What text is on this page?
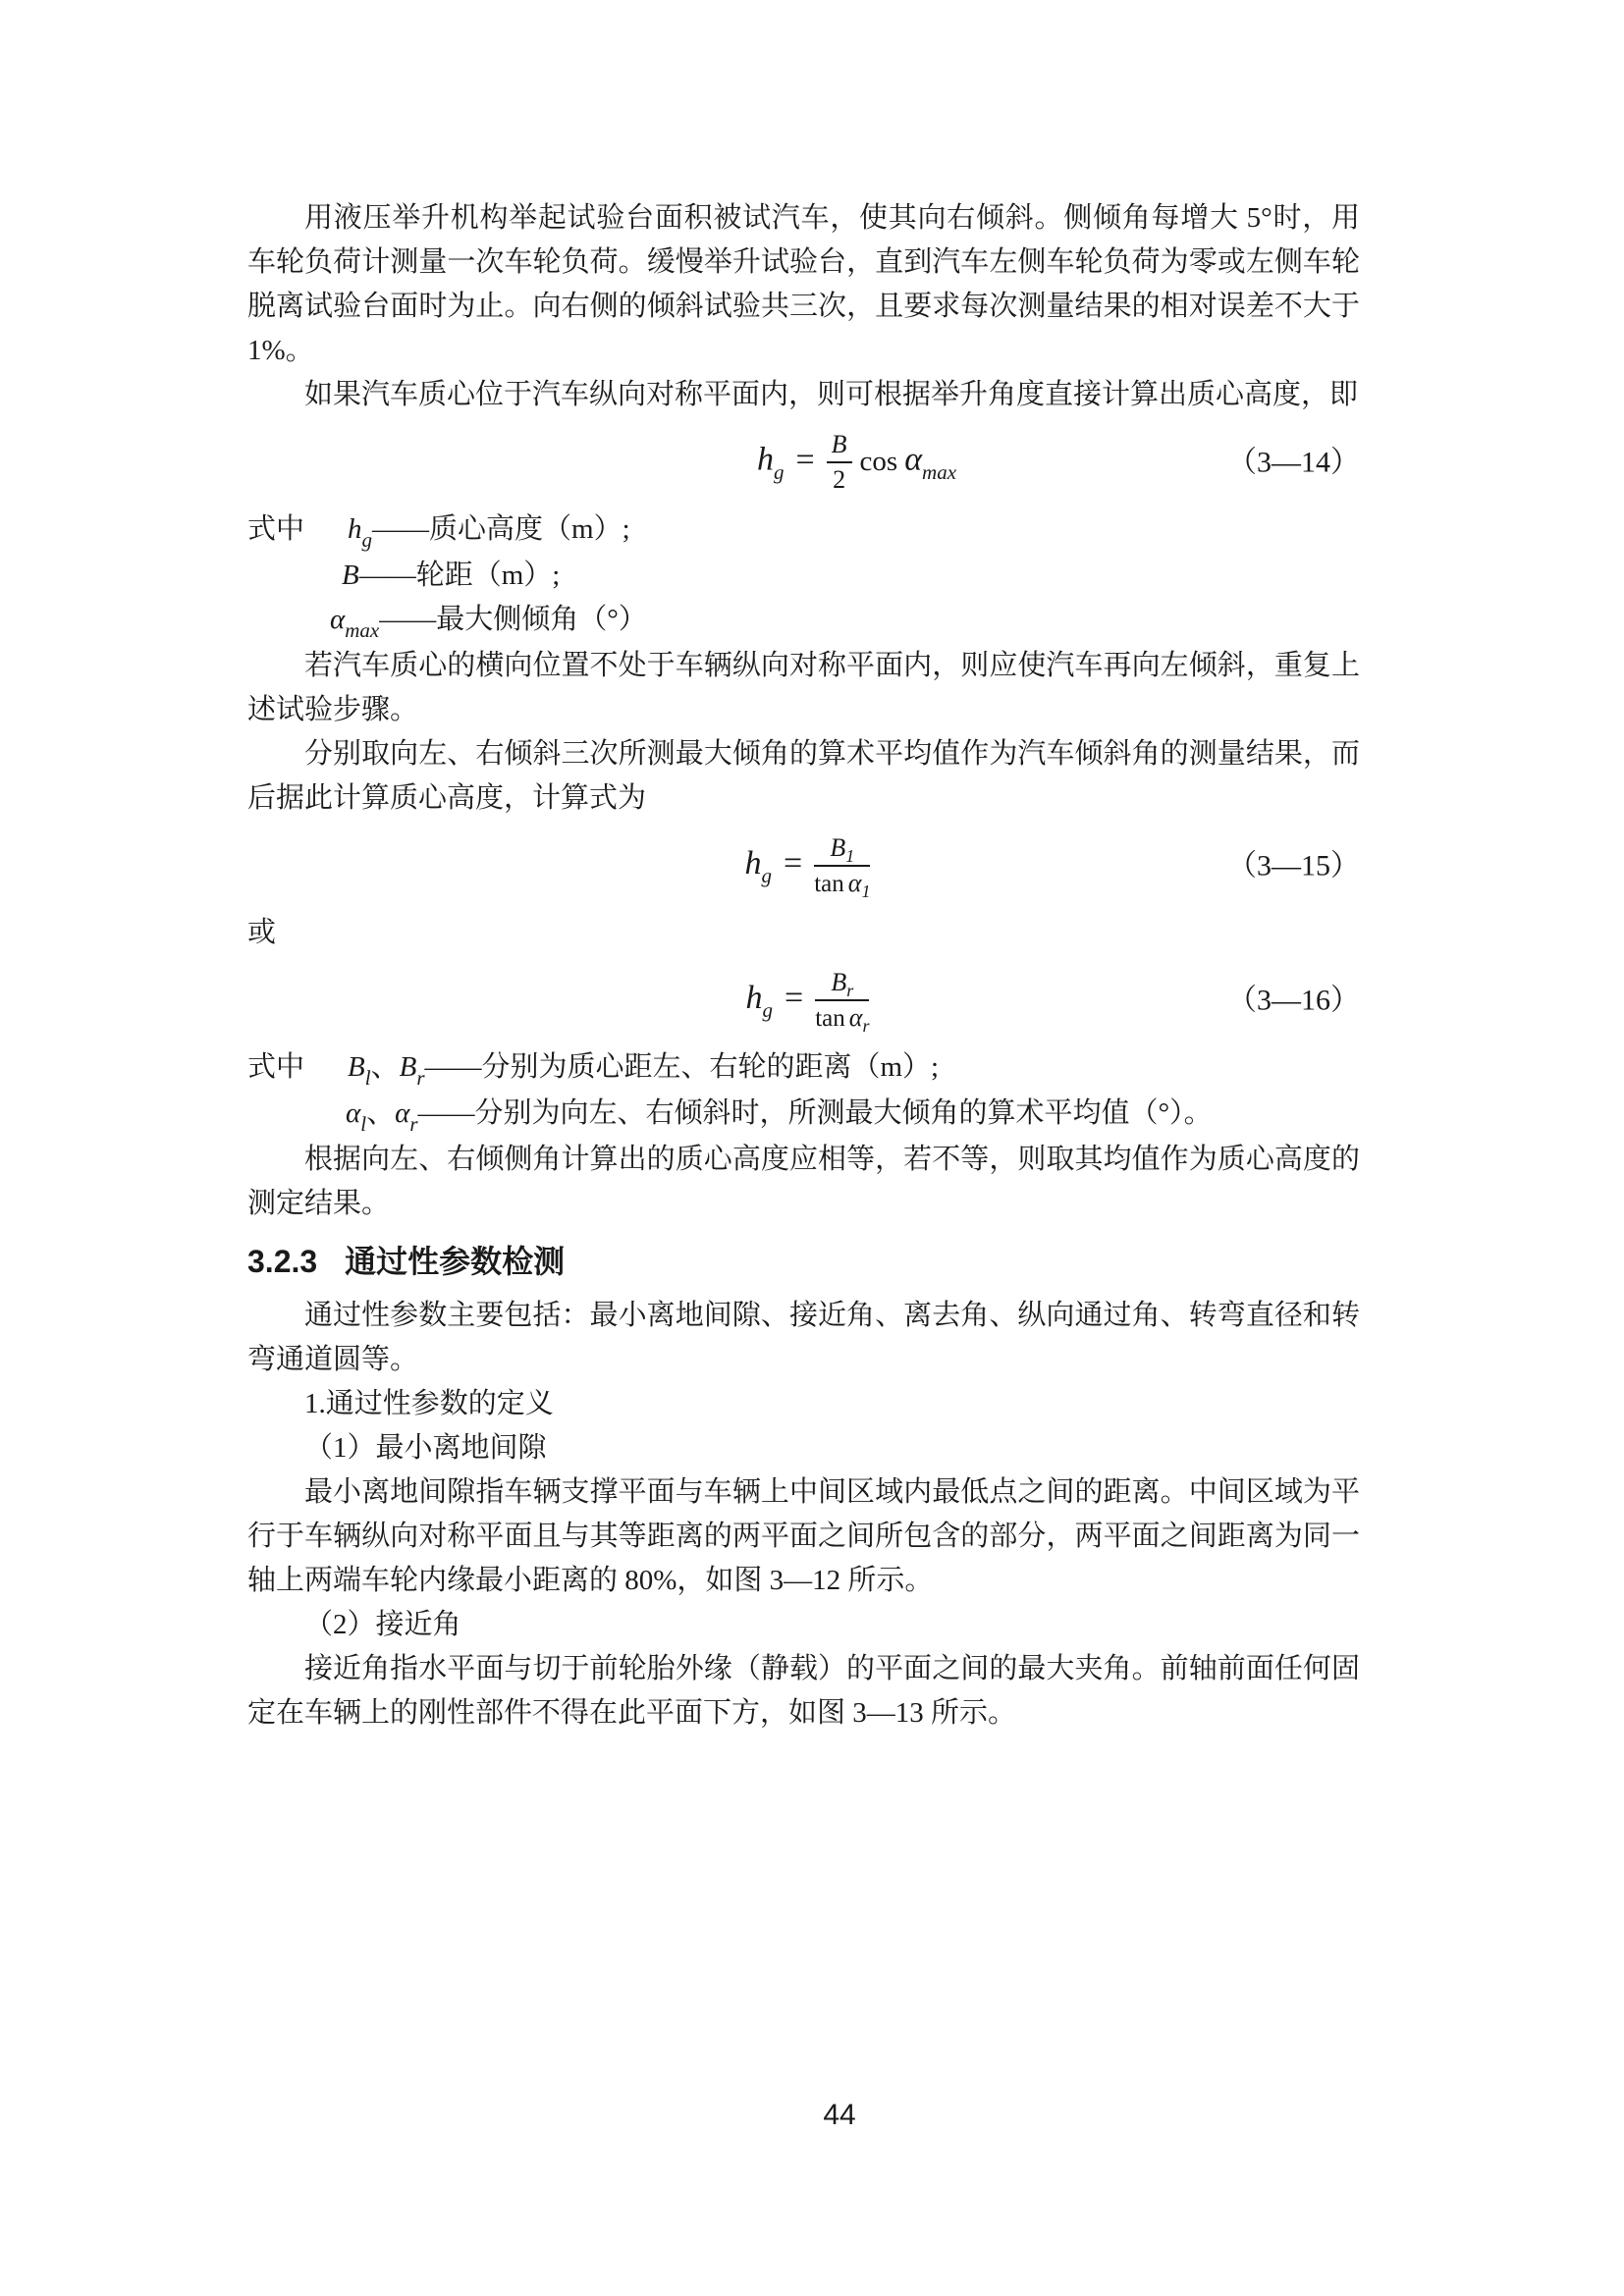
用液压举升机构举起试验台面积被试汽车，使其向右倾斜。侧倾角每增大 5°时，用车轮负荷计测量一次车轮负荷。缓慢举升试验台，直到汽车左侧车轮负荷为零或左侧车轮脱离试验台面时为止。向右侧的倾斜试验共三次，且要求每次测量结果的相对误差不大于1%。

如果汽车质心位于汽车纵向对称平面内，则可根据举升角度直接计算出质心高度，即

$h_g = \frac{B}{2}$ $\cos \alpha_{max}$	（3—14）

式中 $h_g——$质心高度（m）;

B——轮距（m）;

$\alpha_{max}——$最大侧倾角（°）

若汽车质心的横向位置不处于车辆纵向对称平面内，则应使汽车再向左倾斜，重复上述试验步骤。

分别取向左、右倾斜三次所测最大倾角的算术平均值作为汽车倾斜角的测量结果，而后据此计算质心高度，计算式为

$h_g = \frac{B_1}{\tan \alpha_1}$	（3—15）

或

$h_g = \frac{B_r}{\tan \alpha_r}$	（3—16）

式中 $B_l$、$B_r——$分别为质心距左、右轮的距离（m）;

$\alpha_l$、$\alpha_r——$分别为向左、右倾斜时，所测最大倾角的算术平均值（°）。

根据向左、右倾侧角计算出的质心高度应相等，若不等，则取其均值作为质心高度的测定结果。

3.2.3 通过性参数检测

通过性参数主要包括：最小离地间隙、接近角、离去角、纵向通过角、转弯直径和转弯通道圆等。

1.通过性参数的定义

（1）最小离地间隙

最小离地间隙指车辆支撑平面与车辆上中间区域内最低点之间的距离。中间区域为平行于车辆纵向对称平面且与其等距离的两平面之间所包含的部分，两平面之间距离为同一轴上两端车轮内缘最小距离的 80%，如图 3—12 所示。

（2）接近角

接近角指水平面与切于前轮胎外缘（静载）的平面之间的最大夹角。前轴前面任何固定在车辆上的刚性部件不得在此平面下方，如图 3—13 所示。

44
